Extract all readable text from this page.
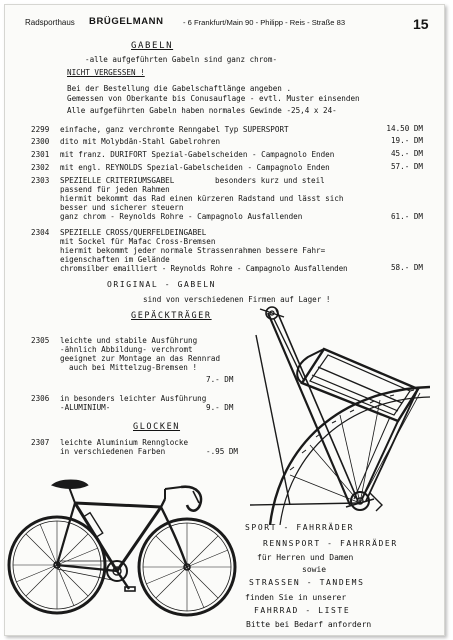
Radsporthaus BRÜGELMANN	- 6 Frankfurt/Main 90 - Philipp - Reis - Straße 83	15
GABELN
-alle aufgeführten Gabeln sind ganz chrom-
NICHT VERGESSEN !
Bei der Bestellung die Gabelschaftlänge angeben .
Gemessen von Oberkante bis Conusauflage - evtl. Muster einsenden
Alle aufgeführten Gabeln haben normales Gewinde -25,4 x 24-
2299	einfache, ganz verchromte Renngabel Typ SUPERSPORT	14.50 DM
2300	dito mit Molybdän-Stahl Gabelrohren	19.- DM
2301	mit franz. DURIFORT Spezial-Gabelscheiden - Campagnolo Enden	45.- DM
2302	mit engl. REYNOLDS Spezial-Gabelscheiden - Campagnolo Enden	57.- DM
2303	SPEZIELLE CRITERIUMSGABEL	besonders kurz und steil
passend für jeden Rahmen
hiermit bekommt das Rad einen kürzeren Radstand und lässt sich
besser und sicherer steuern
ganz chrom - Reynolds Rohre - Campagnolo Ausfallenden	61.- DM
2304	SPEZIELLE CROSS/QUERFELDEINGABEL
mit Sockel für Mafac Cross-Bremsen
hiermit bekommt jeder normale Strassenrahmen bessere Fahr=
eigenschaften im Gelände
chromsilber emailliert - Reynolds Rohre - Campagnolo Ausfallenden	58.- DM
ORIGINAL - GABELN
sind von verschiedenen Firmen auf Lager !
GEPÄCKTRÄGER
2305	leichte und stabile Ausführung
-ähnlich Abbildung- verchromt
geeignet zur Montage an das Rennrad
auch bei Mittelzug-Bremsen !
7.- DM
2306	in besonders leichter Ausführung
-ALUMINIUM-	9.- DM
GLOCKEN
2307	leichte Aluminium Rennglocke
in verschiedenen Farben	-.95 DM
SPORT - FAHRRÄDER
RENNSPORT - FAHRRÄDER
für Herren und Damen
sowie
STRASSEN - TANDEMS
finden Sie in unserer
FAHRRAD - LISTE
Bitte bei Bedarf anfordern
